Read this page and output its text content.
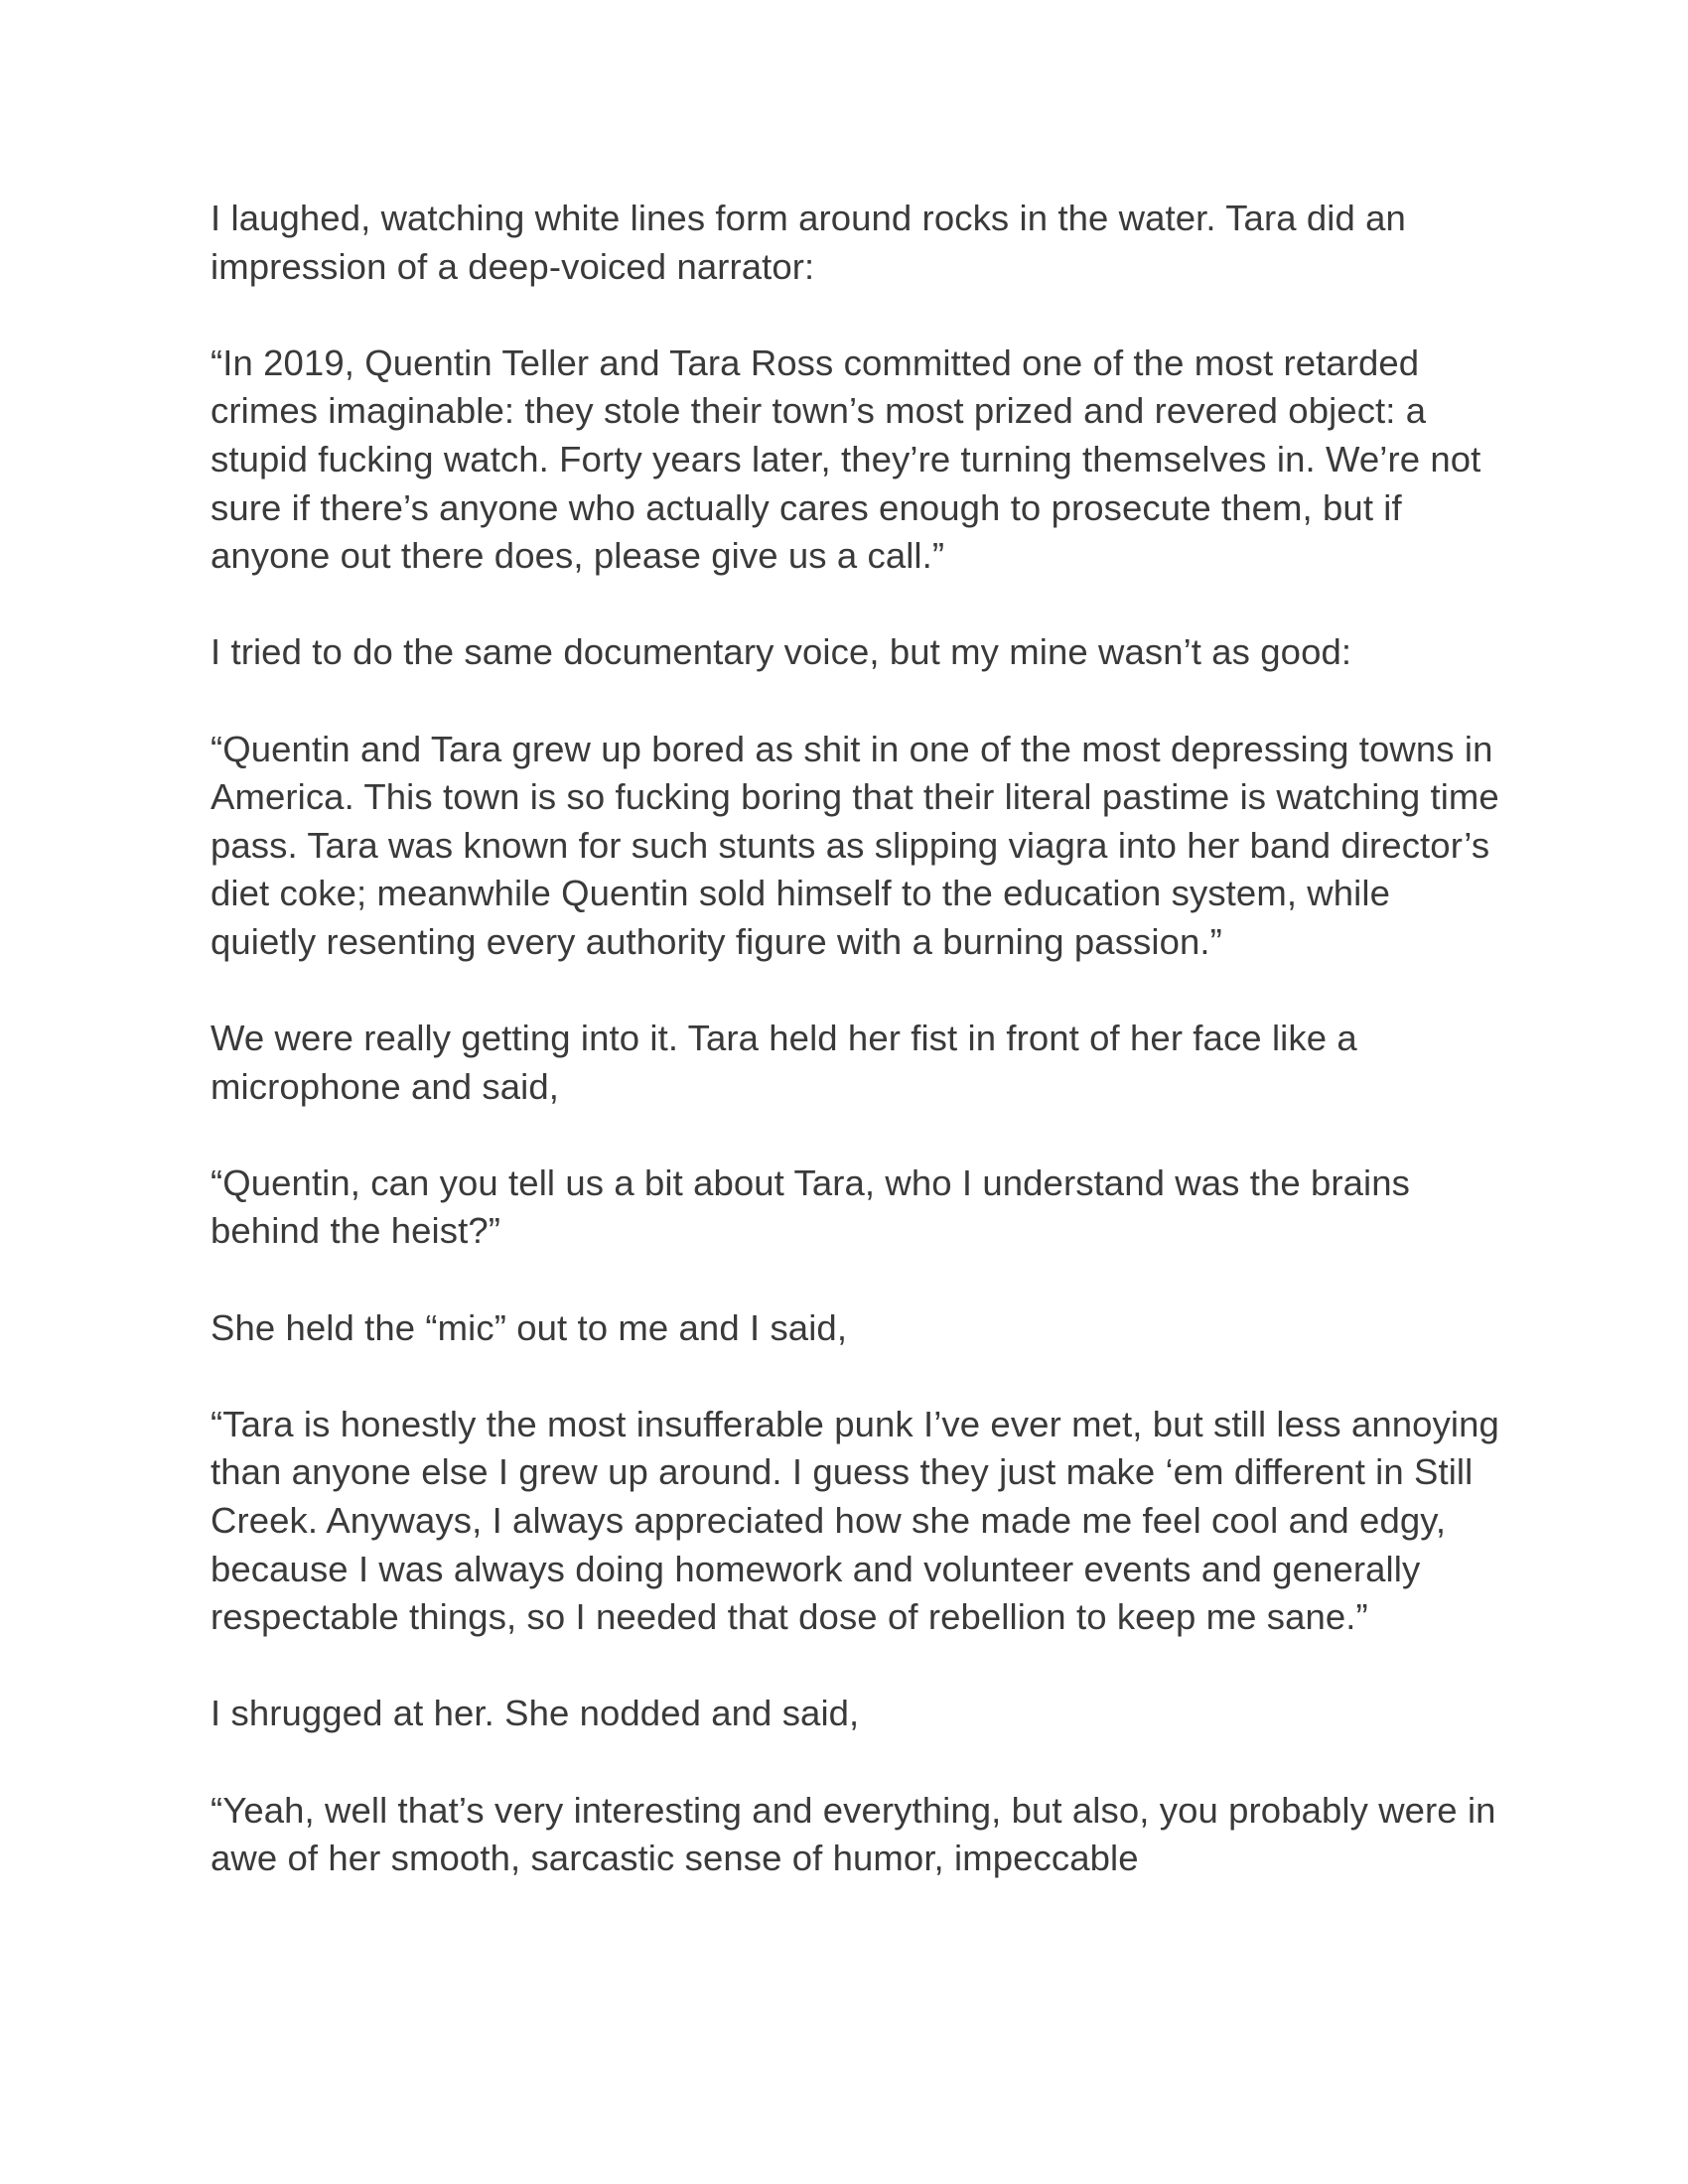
I laughed, watching white lines form around rocks in the water. Tara did an impression of a deep-voiced narrator:

“In 2019, Quentin Teller and Tara Ross committed one of the most retarded crimes imaginable: they stole their town’s most prized and revered object: a stupid fucking watch. Forty years later, they’re turning themselves in. We’re not sure if there’s anyone who actually cares enough to prosecute them, but if anyone out there does, please give us a call.”

I tried to do the same documentary voice, but my mine wasn’t as good:

“Quentin and Tara grew up bored as shit in one of the most depressing towns in America. This town is so fucking boring that their literal pastime is watching time pass. Tara was known for such stunts as slipping viagra into her band director’s diet coke; meanwhile Quentin sold himself to the education system, while quietly resenting every authority figure with a burning passion.”

We were really getting into it. Tara held her fist in front of her face like a microphone and said,

“Quentin, can you tell us a bit about Tara, who I understand was the brains behind the heist?”

She held the “mic” out to me and I said,

“Tara is honestly the most insufferable punk I’ve ever met, but still less annoying than anyone else I grew up around. I guess they just make ‘em different in Still Creek. Anyways, I always appreciated how she made me feel cool and edgy, because I was always doing homework and volunteer events and generally respectable things, so I needed that dose of rebellion to keep me sane.”

I shrugged at her. She nodded and said,

“Yeah, well that’s very interesting and everything, but also, you probably were in awe of her smooth, sarcastic sense of humor, impeccable
